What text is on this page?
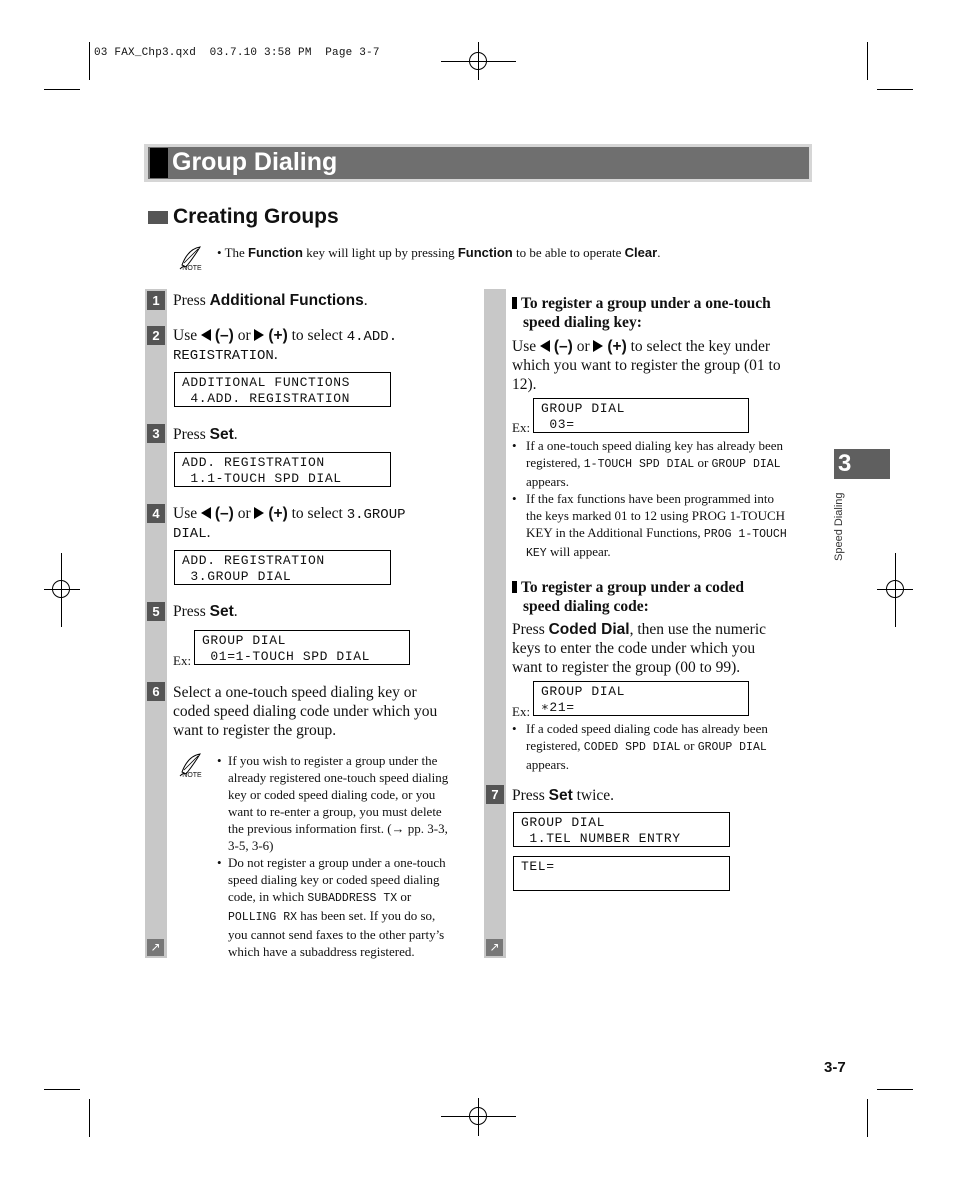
03 FAX_Chp3.qxd  03.7.10 3:58 PM  Page 3-7
Group Dialing
Creating Groups
NOTE
• The Function key will light up by pressing Function to be able to operate Clear.
↗
1 Press Additional Functions.
2 Use (–) or (+) to select 4.ADD.
REGISTRATION.
ADDITIONAL FUNCTIONS
4.ADD. REGISTRATION
3 Press Set.
ADD. REGISTRATION
1.1-TOUCH SPD DIAL
4 Use (–) or (+) to select 3.GROUP
DIAL.
ADD. REGISTRATION
3.GROUP DIAL
5 Press Set.
Ex:
GROUP DIAL
01=1-TOUCH SPD DIAL
6 Select a one-touch speed dialing key or
coded speed dialing code under which you
want to register the group.
NOTE
• If you wish to register a group under the
already registered one-touch speed dialing
key or coded speed dialing code, or you
want to re-enter a group, you must delete
the previous information first. (→ pp. 3-3,
3-5, 3-6)
• Do not register a group under a one-touch
speed dialing key or coded speed dialing
code, in which SUBADDRESS TX or
POLLING RX has been set. If you do so,
you cannot send faxes to the other party’s
which have a subaddress registered.	↗
To register a group under a one-touch
speed dialing key:
Use (–) or (+) to select the key under
which you want to register the group (01 to
12).
Ex:
GROUP DIAL
03=
• If a one-touch speed dialing key has already been
registered, 1-TOUCH SPD DIAL or GROUP DIAL
appears.
• If the fax functions have been programmed into
the keys marked 01 to 12 using PROG 1-TOUCH
KEY in the Additional Functions, PROG 1-TOUCH
KEY will appear.
To register a group under a coded
speed dialing code:
Press Coded Dial, then use the numeric
keys to enter the code under which you
want to register the group (00 to 99).
Ex:
GROUP DIAL
∗21=
• If a coded speed dialing code has already been
registered, CODED SPD DIAL or GROUP DIAL
appears.
7 Press Set twice.
GROUP DIAL
1.TEL NUMBER ENTRY
TEL=
3
Speed Dialing
3-7
